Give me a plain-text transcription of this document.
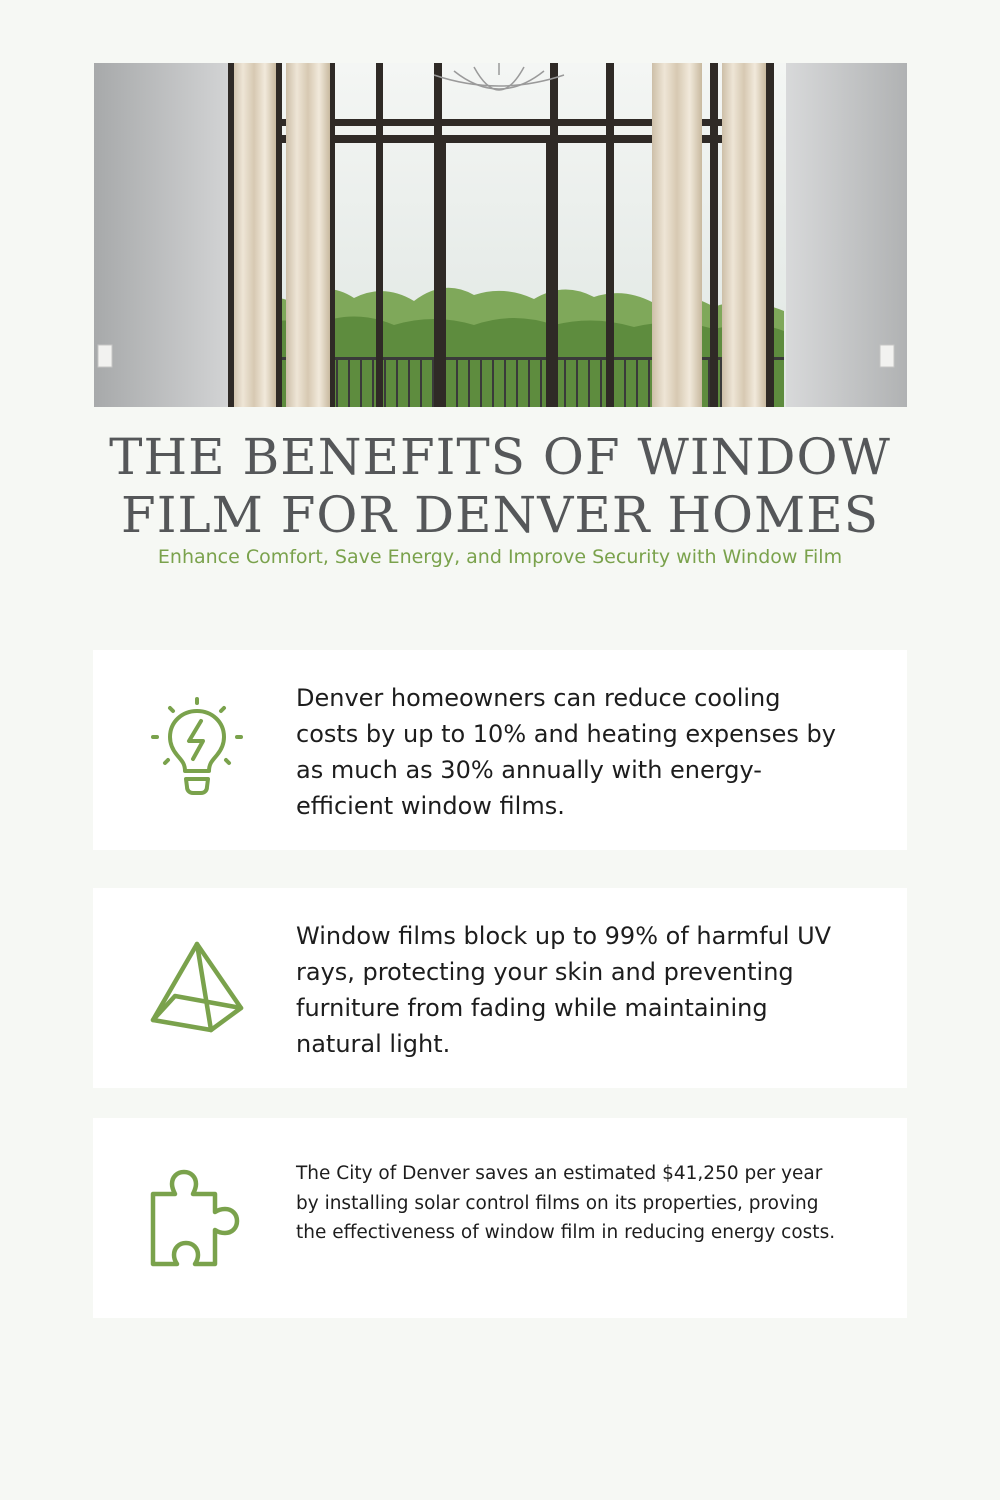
THE BENEFITS OF WINDOW
FILM FOR DENVER HOMES

Enhance Comfort, Save Energy, and Improve Security with Window Film

Denver homeowners can reduce cooling costs by up to 10% and heating expenses by as much as 30% annually with energy-efficient window films.

Window films block up to 99% of harmful UV rays, protecting your skin and preventing furniture from fading while maintaining natural light.

The City of Denver saves an estimated $41,250 per year by installing solar control films on its properties, proving the effectiveness of window film in reducing energy costs.
